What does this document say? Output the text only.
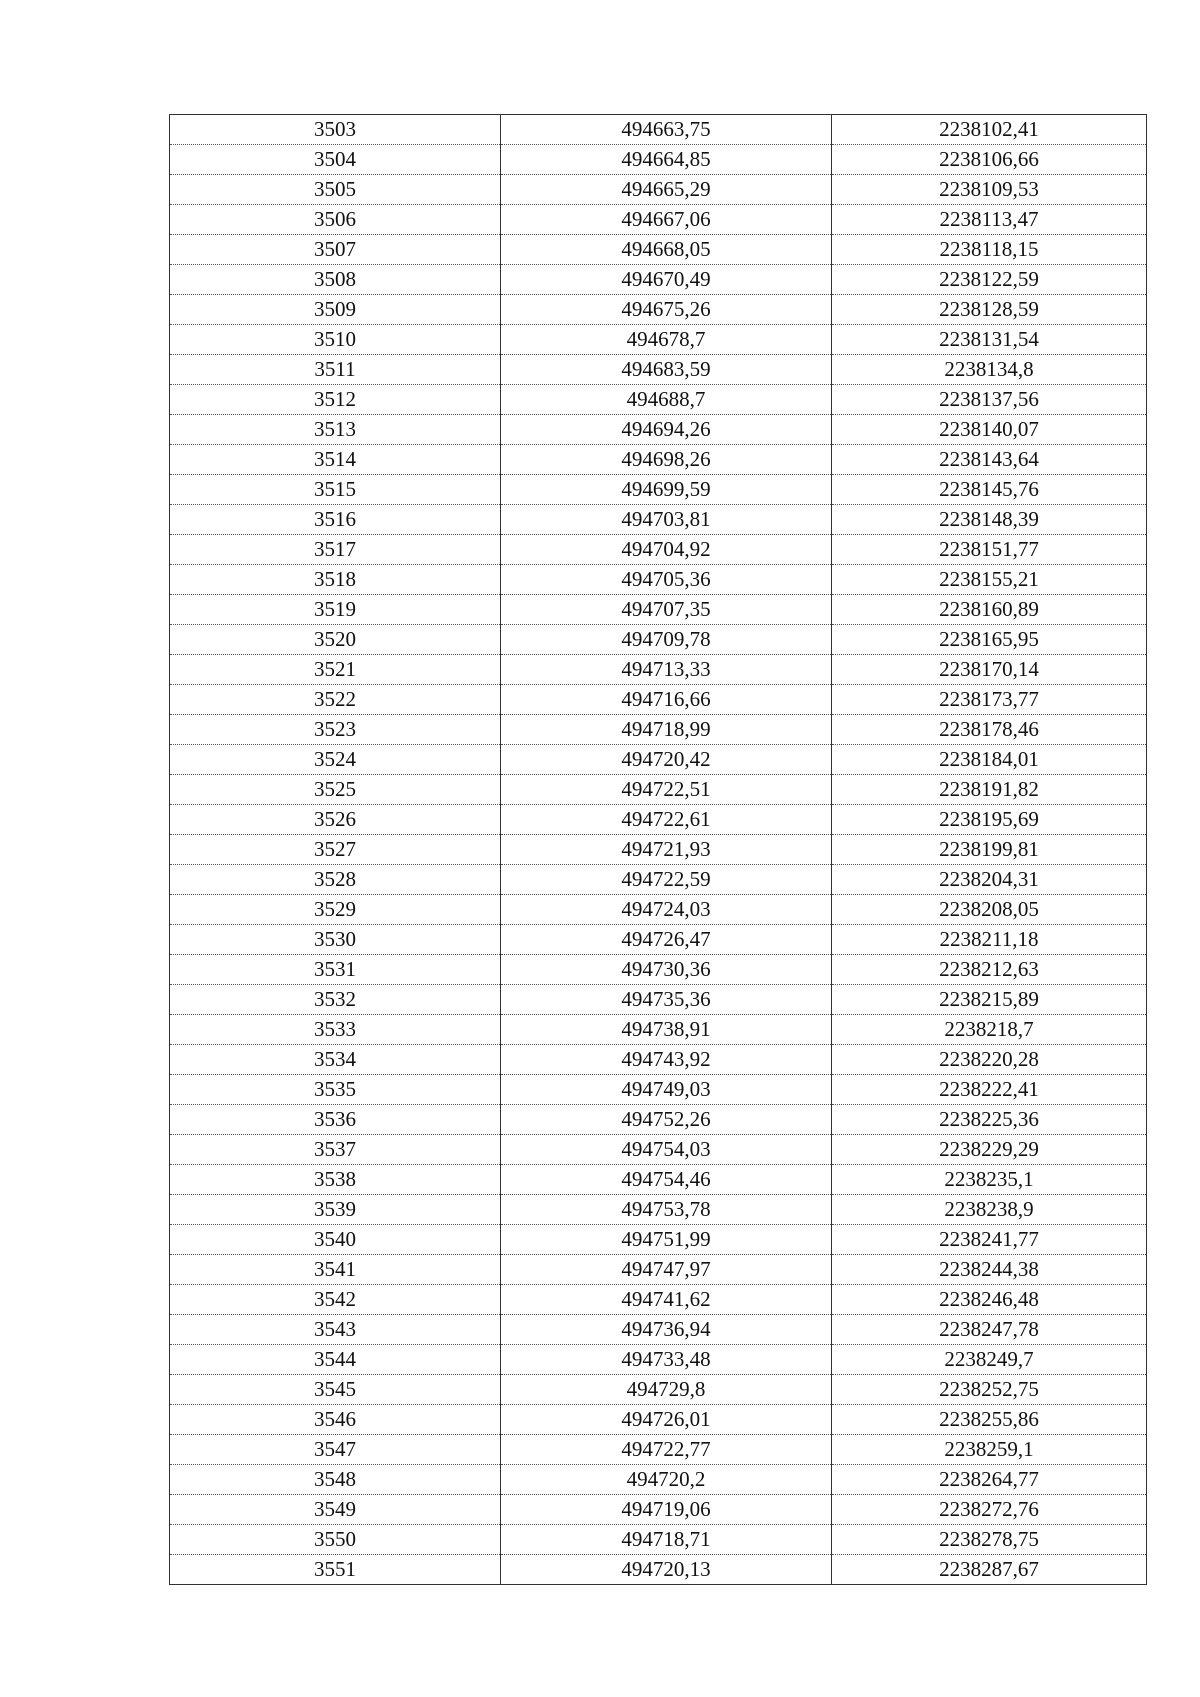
3503	494663,75	2238102,41
3504	494664,85	2238106,66
3505	494665,29	2238109,53
3506	494667,06	2238113,47
3507	494668,05	2238118,15
3508	494670,49	2238122,59
3509	494675,26	2238128,59
3510	494678,7	2238131,54
3511	494683,59	2238134,8
3512	494688,7	2238137,56
3513	494694,26	2238140,07
3514	494698,26	2238143,64
3515	494699,59	2238145,76
3516	494703,81	2238148,39
3517	494704,92	2238151,77
3518	494705,36	2238155,21
3519	494707,35	2238160,89
3520	494709,78	2238165,95
3521	494713,33	2238170,14
3522	494716,66	2238173,77
3523	494718,99	2238178,46
3524	494720,42	2238184,01
3525	494722,51	2238191,82
3526	494722,61	2238195,69
3527	494721,93	2238199,81
3528	494722,59	2238204,31
3529	494724,03	2238208,05
3530	494726,47	2238211,18
3531	494730,36	2238212,63
3532	494735,36	2238215,89
3533	494738,91	2238218,7
3534	494743,92	2238220,28
3535	494749,03	2238222,41
3536	494752,26	2238225,36
3537	494754,03	2238229,29
3538	494754,46	2238235,1
3539	494753,78	2238238,9
3540	494751,99	2238241,77
3541	494747,97	2238244,38
3542	494741,62	2238246,48
3543	494736,94	2238247,78
3544	494733,48	2238249,7
3545	494729,8	2238252,75
3546	494726,01	2238255,86
3547	494722,77	2238259,1
3548	494720,2	2238264,77
3549	494719,06	2238272,76
3550	494718,71	2238278,75
3551	494720,13	2238287,67
